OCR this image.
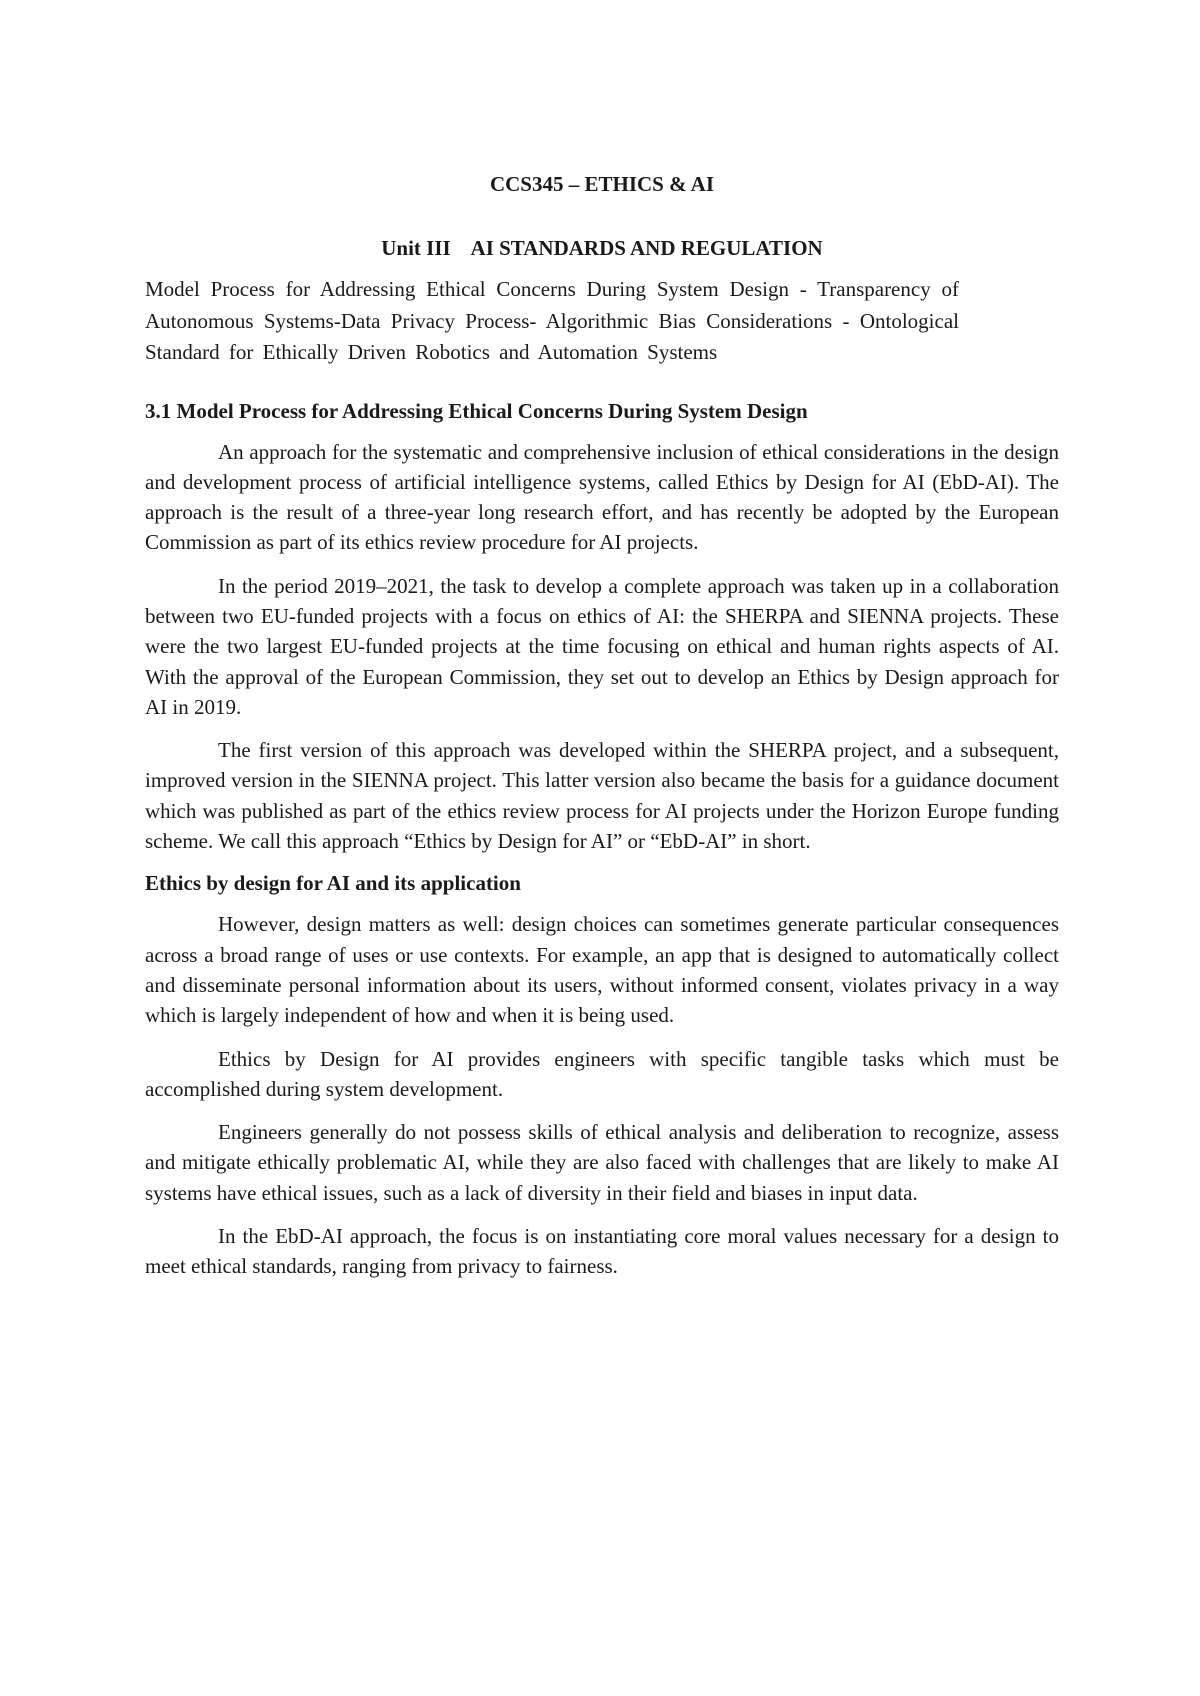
CCS345 – ETHICS & AI
Unit III    AI STANDARDS AND REGULATION
Model Process for Addressing Ethical Concerns During System Design - Transparency of Autonomous Systems-Data Privacy Process- Algorithmic Bias Considerations - Ontological Standard for Ethically Driven Robotics and Automation Systems
3.1 Model Process for Addressing Ethical Concerns During System Design

An approach for the systematic and comprehensive inclusion of ethical considerations in the design and development process of artificial intelligence systems, called Ethics by Design for AI (EbD-AI). The approach is the result of a three-year long research effort, and has recently be adopted by the European Commission as part of its ethics review procedure for AI projects.

In the period 2019–2021, the task to develop a complete approach was taken up in a collaboration between two EU-funded projects with a focus on ethics of AI: the SHERPA and SIENNA projects. These were the two largest EU-funded projects at the time focusing on ethical and human rights aspects of AI. With the approval of the European Commission, they set out to develop an Ethics by Design approach for AI in 2019.

The first version of this approach was developed within the SHERPA project, and a subsequent, improved version in the SIENNA project. This latter version also became the basis for a guidance document which was published as part of the ethics review process for AI projects under the Horizon Europe funding scheme. We call this approach “Ethics by Design for AI” or “EbD-AI” in short.

Ethics by design for AI and its application

However, design matters as well: design choices can sometimes generate particular consequences across a broad range of uses or use contexts. For example, an app that is designed to automatically collect and disseminate personal information about its users, without informed consent, violates privacy in a way which is largely independent of how and when it is being used.

Ethics by Design for AI provides engineers with specific tangible tasks which must be accomplished during system development.

Engineers generally do not possess skills of ethical analysis and deliberation to recognize, assess and mitigate ethically problematic AI, while they are also faced with challenges that are likely to make AI systems have ethical issues, such as a lack of diversity in their field and biases in input data.

In the EbD-AI approach, the focus is on instantiating core moral values necessary for a design to meet ethical standards, ranging from privacy to fairness.
